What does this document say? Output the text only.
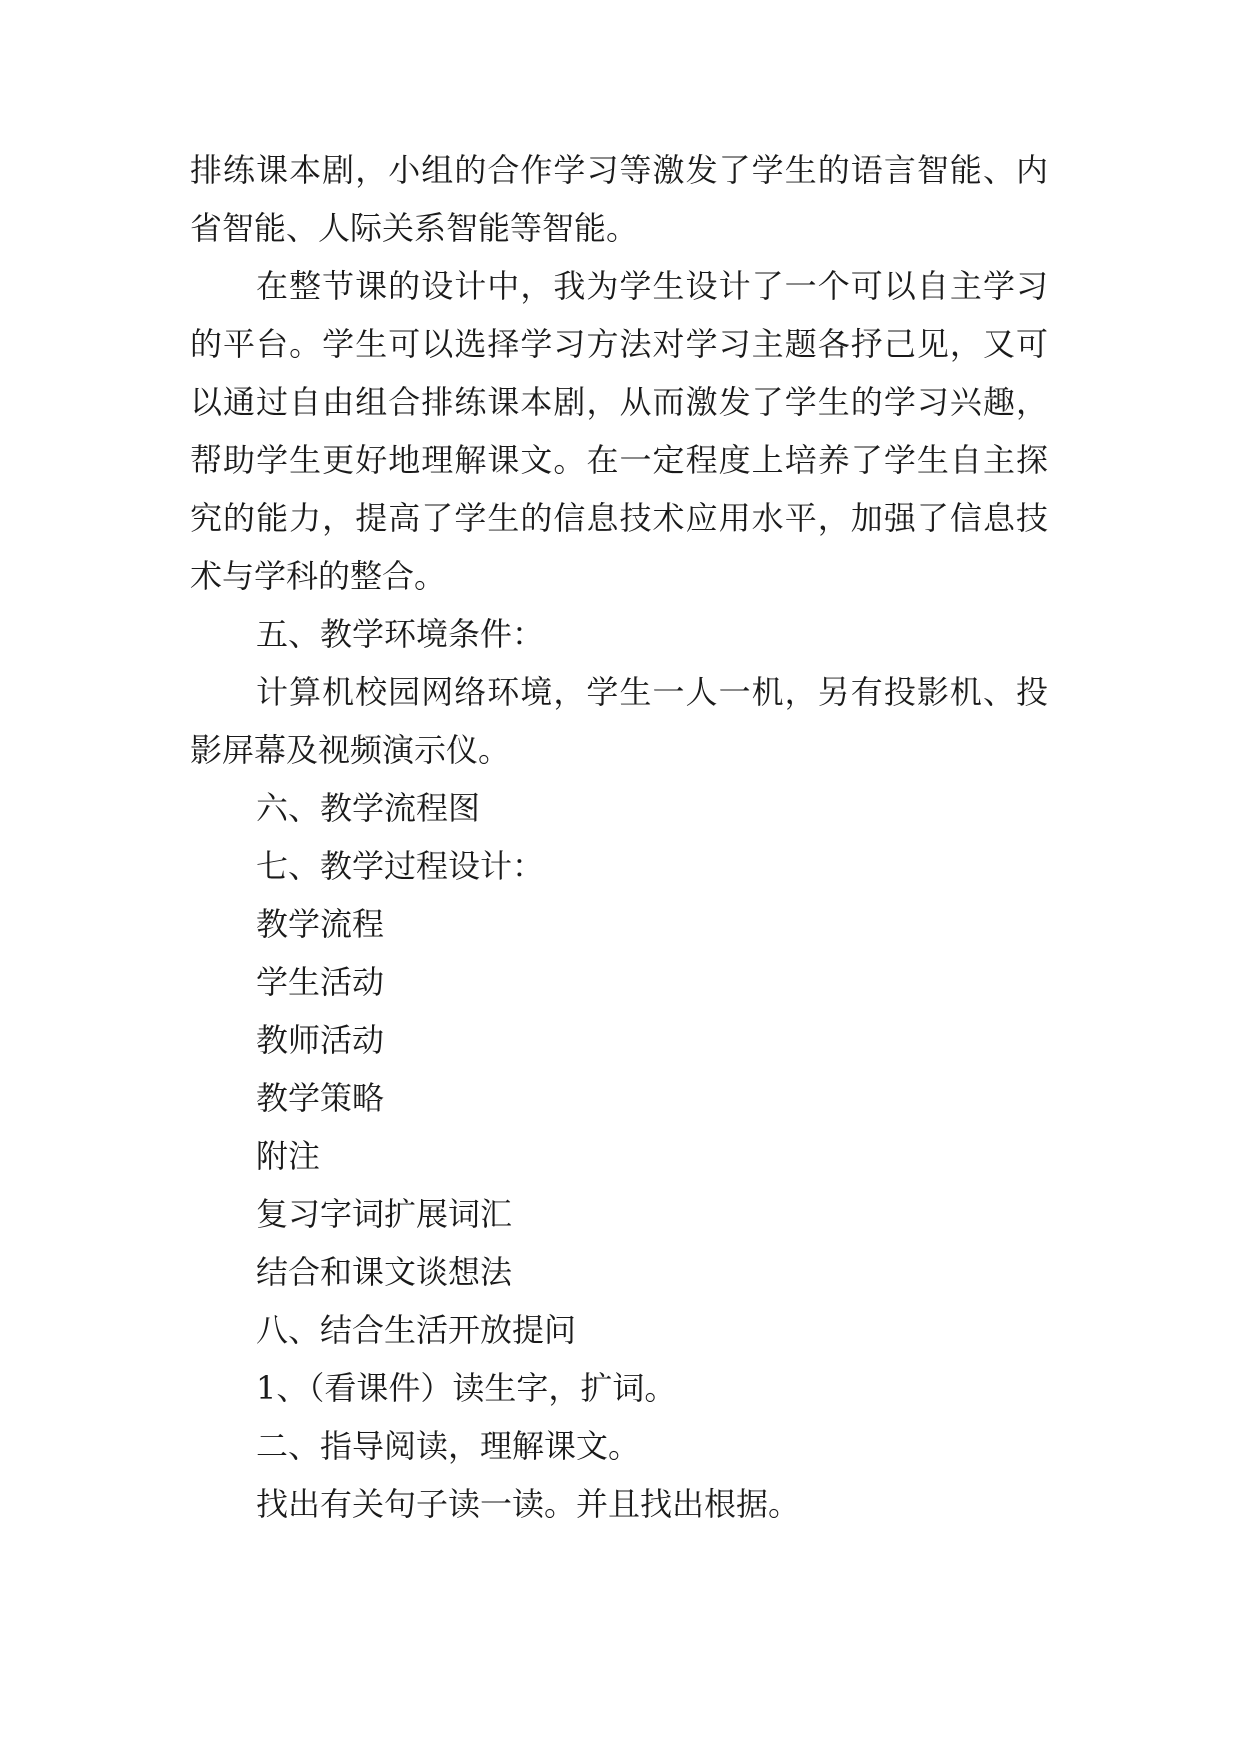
排练课本剧，小组的合作学习等激发了学生的语言智能、内
省智能、人际关系智能等智能。
在整节课的设计中，我为学生设计了一个可以自主学习
的平台。学生可以选择学习方法对学习主题各抒己见，又可
以通过自由组合排练课本剧，从而激发了学生的学习兴趣，
帮助学生更好地理解课文。在一定程度上培养了学生自主探
究的能力，提高了学生的信息技术应用水平，加强了信息技
术与学科的整合。
五、教学环境条件：
计算机校园网络环境，学生一人一机，另有投影机、投
影屏幕及视频演示仪。
六、教学流程图
七、教学过程设计：
教学流程
学生活动
教师活动
教学策略
附注
复习字词扩展词汇
结合和课文谈想法
八、结合生活开放提问
1、（看课件）读生字，扩词。
二、指导阅读，理解课文。
找出有关句子读一读。并且找出根据。
